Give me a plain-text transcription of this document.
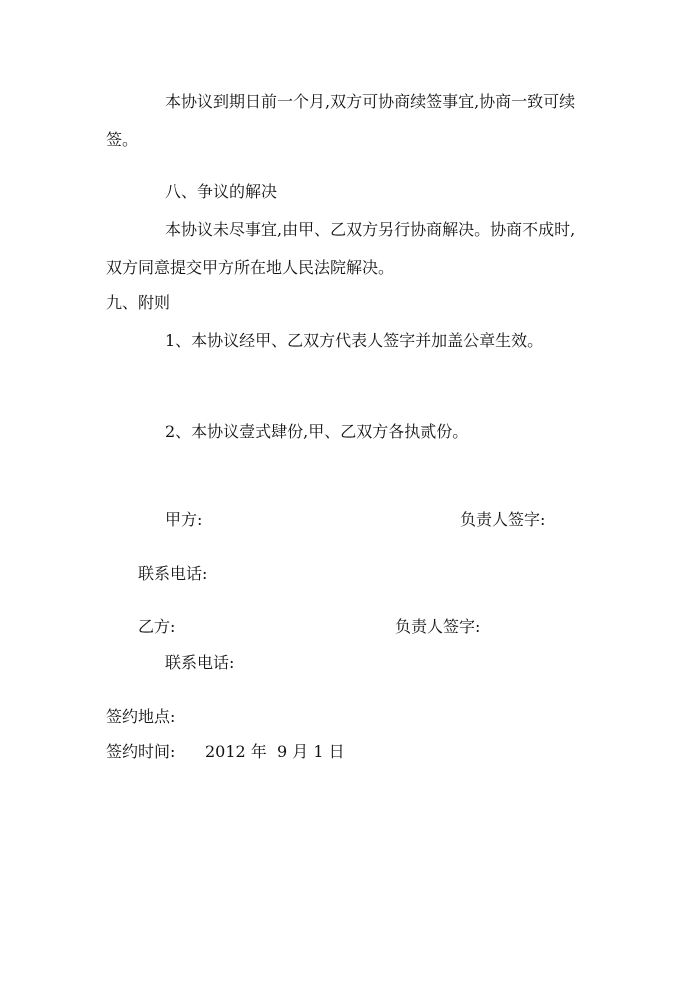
本协议到期日前一个月,双方可协商续签事宜,协商一致可续

签。

八、争议的解决

本协议未尽事宜,由甲、乙双方另行协商解决。协商不成时,

双方同意提交甲方所在地人民法院解决。

九、附则

1、本协议经甲、乙双方代表人签字并加盖公章生效。

2、本协议壹式肆份,甲、乙双方各执贰份。

甲方:	负责人签字:

联系电话:

乙方:	负责人签字:

联系电话:

签约地点:

签约时间: 2012 年  9 月 1 日
